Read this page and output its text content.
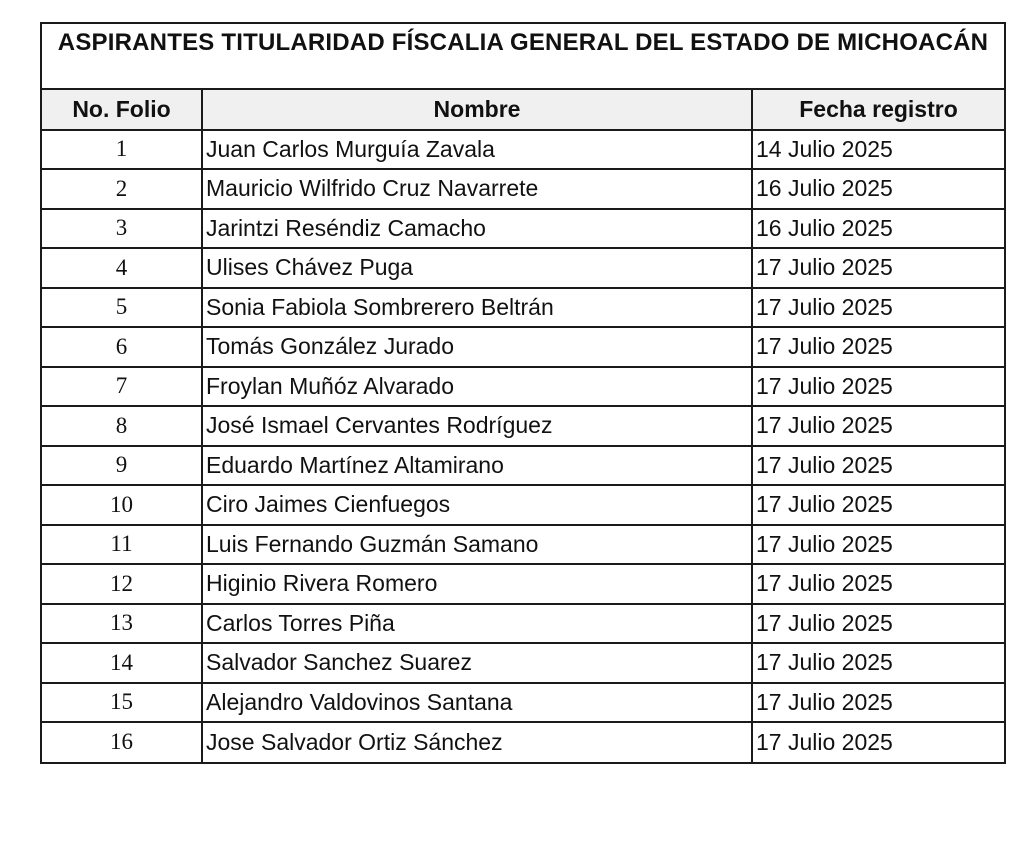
ASPIRANTES TITULARIDAD FÍSCALIA GENERAL DEL ESTADO DE MICHOACÁN
No. Folio	Nombre	Fecha registro
1	Juan Carlos Murguía Zavala	14 Julio 2025
2	Mauricio Wilfrido Cruz Navarrete	16 Julio 2025
3	Jarintzi Reséndiz Camacho	16 Julio 2025
4	Ulises Chávez Puga	17 Julio 2025
5	Sonia Fabiola Sombrerero Beltrán	17 Julio 2025
6	Tomás González Jurado	17 Julio 2025
7	Froylan Muñóz Alvarado	17 Julio 2025
8	José Ismael Cervantes Rodríguez	17 Julio 2025
9	Eduardo Martínez Altamirano	17 Julio 2025
10	Ciro Jaimes Cienfuegos	17 Julio 2025
11	Luis Fernando Guzmán Samano	17 Julio 2025
12	Higinio Rivera Romero	17 Julio 2025
13	Carlos Torres Piña	17 Julio 2025
14	Salvador Sanchez Suarez	17 Julio 2025
15	Alejandro Valdovinos Santana	17 Julio 2025
16	Jose Salvador Ortiz Sánchez	17 Julio 2025
